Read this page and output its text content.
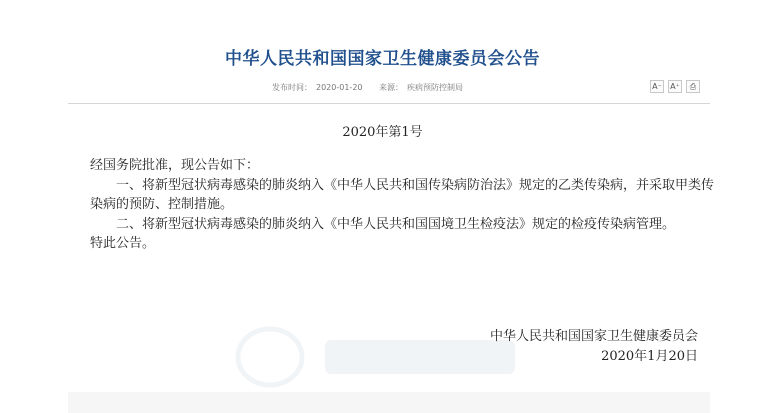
中华人民共和国国家卫生健康委员会公告
发布时间： 2020-01-20 来源： 疾病预防控制局	A⁻ A⁺	⎙
2020年第1号

经国务院批准，现公告如下：

一、将新型冠状病毒感染的肺炎纳入《中华人民共和国传染病防治法》规定的乙类传染病，并采取甲类传染病的预防、控制措施。

二、将新型冠状病毒感染的肺炎纳入《中华人民共和国国境卫生检疫法》规定的检疫传染病管理。

特此公告。

中华人民共和国国家卫生健康委员会
2020年1月20日
